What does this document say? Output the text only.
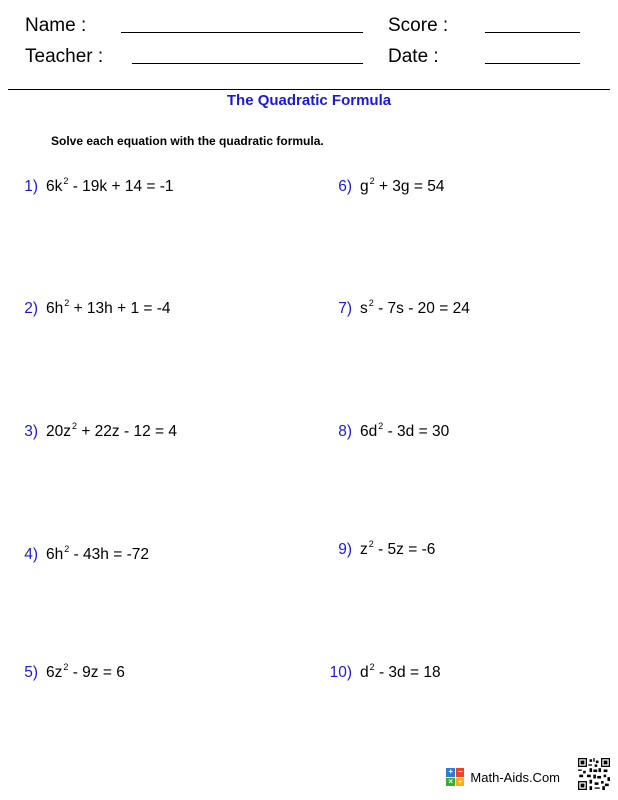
Name :	Score :
Teacher :	Date :
The Quadratic Formula
Solve each equation with the quadratic formula.
1) $6k^2 - 19k + 14 = -1$
2) $6h^2 + 13h + 1 = -4$
3) $20z^2 + 22z - 12 = 4$
4) $6h^2 - 43h = -72$
5) $6z^2 - 9z = 6$
6) $g^2 + 3g = 54$
7) $s^2 - 7s - 20 = 24$
8) $6d^2 - 3d = 30$
9) $z^2 - 5z = -6$
10) $d^2 - 3d = 18$
+ −
× ÷ Math-Aids.Com
